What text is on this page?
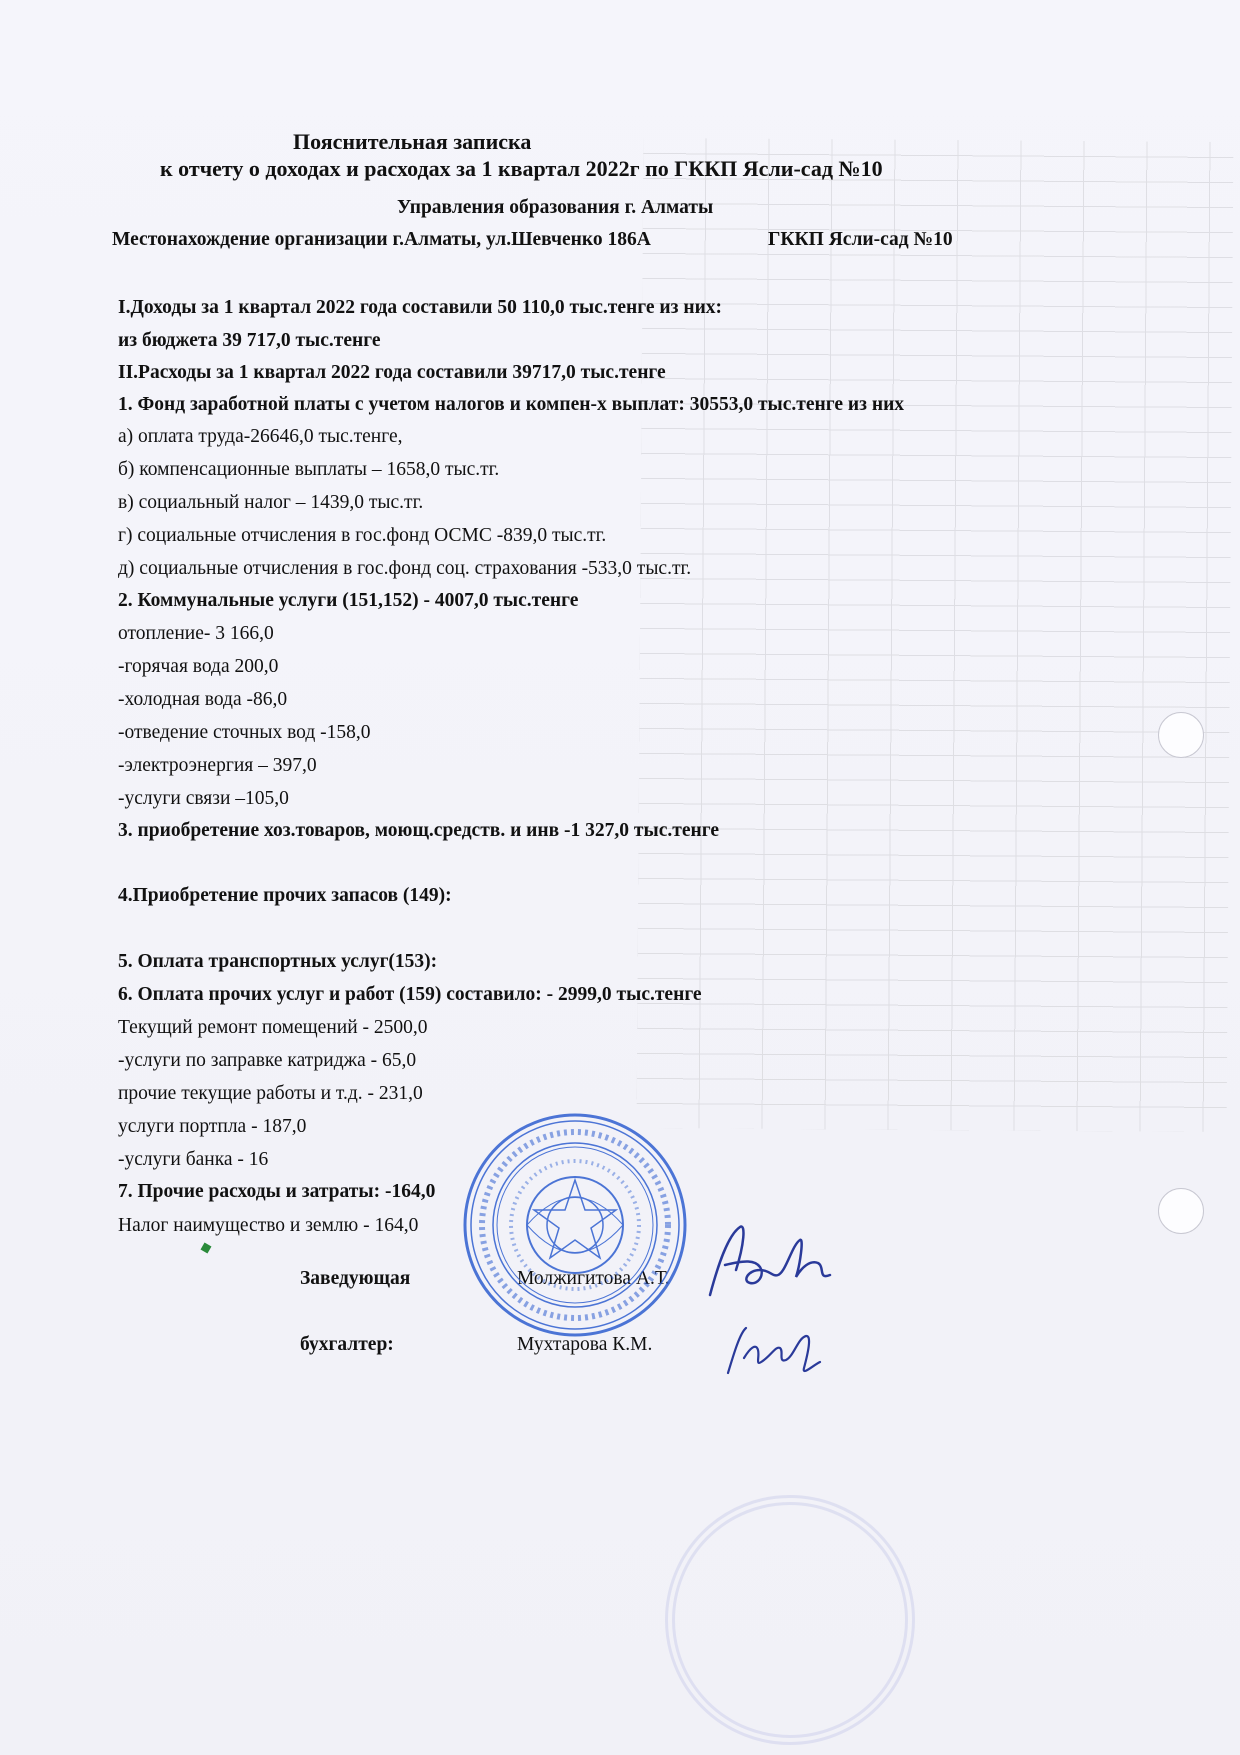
Пояснительная записка
к отчету о доходах и расходах за 1 квартал 2022г по ГККП Ясли-сад №10
Управления образования г. Алматы
Местонахождение организации г.Алматы, ул.Шевченко 186А	ГККП Ясли-сад №10
I.Доходы за 1 квартал 2022 года составили 50 110,0 тыс.тенге из них:
из бюджета 39 717,0 тыс.тенге
II.Расходы за 1 квартал 2022 года составили 39717,0 тыс.тенге
1. Фонд заработной платы с учетом налогов и компен-х выплат: 30553,0 тыс.тенге из них
а) оплата труда-26646,0 тыс.тенге,
б) компенсационные выплаты – 1658,0 тыс.тг.
в) социальный налог – 1439,0 тыс.тг.
г) социальные отчисления в гос.фонд ОСМС -839,0 тыс.тг.
д) социальные отчисления в гос.фонд соц. страхования -533,0 тыс.тг.
2. Коммунальные услуги (151,152) - 4007,0 тыс.тенге
отопление- 3 166,0
-горячая вода 200,0
-холодная вода -86,0
-отведение сточных вод -158,0
-электроэнергия – 397,0
-услуги связи –105,0
3. приобретение хоз.товаров, моющ.средств. и инв -1 327,0 тыс.тенге
4.Приобретение прочих запасов (149):
5. Оплата транспортных услуг(153):
6. Оплата прочих услуг и работ (159) составило: - 2999,0 тыс.тенге
Текущий ремонт помещений - 2500,0
-услуги по заправке катриджа - 65,0
прочие текущие работы и т.д. - 231,0
услуги портпла - 187,0
-услуги банка - 16
7. Прочие расходы и затраты: -164,0
Налог наимущество и землю - 164,0
Заведующая	Молжигитова А.Т.
бухгалтер:	Мухтарова К.М.
